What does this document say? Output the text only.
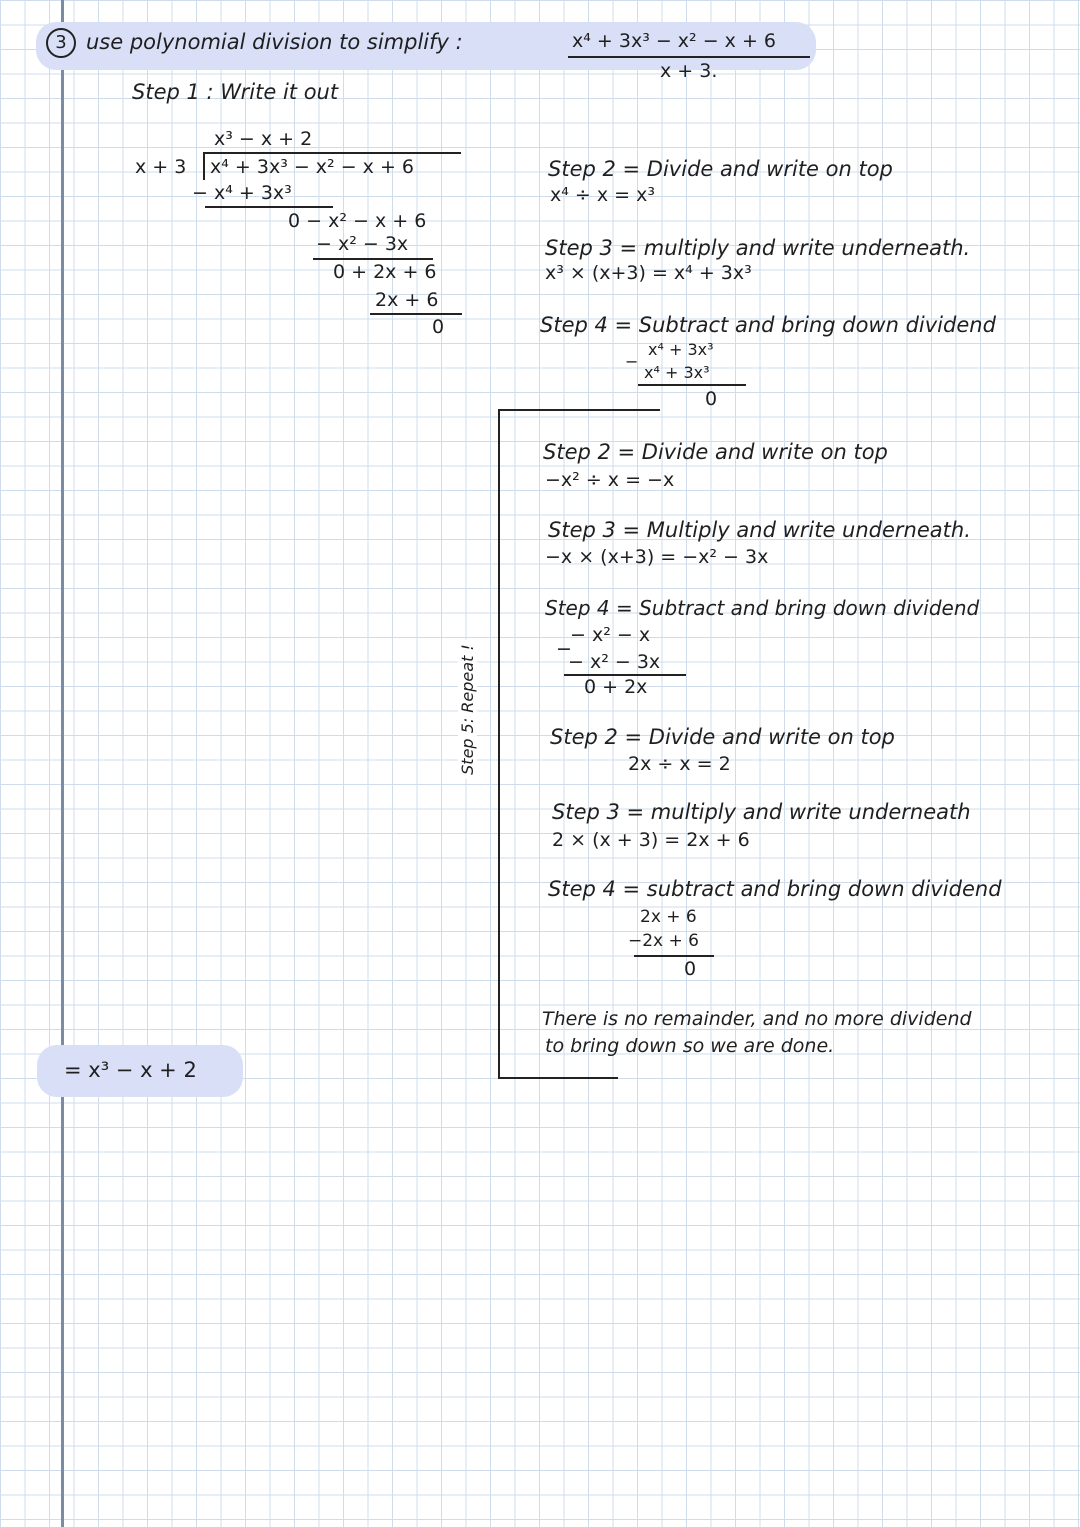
3 use polynomial division to simplify :	x⁴ + 3x³ − x² − x + 6
x + 3.
Step 1 : Write it out
x³ − x + 2
x + 3 x⁴ + 3x³ − x² − x + 6
− x⁴ + 3x³
0 − x² − x + 6
− x² − 3x
0 + 2x + 6
2x + 6
0
= x³ − x + 2
Step 5: Repeat !
Step 2 = Divide and write on top
x⁴ ÷ x = x³
Step 3 = multiply and write underneath.
x³ × (x+3) = x⁴ + 3x³
Step 4 = Subtract and bring down dividend
x⁴ + 3x³
−
x⁴ + 3x³
0
Step 2 = Divide and write on top
−x² ÷ x = −x
Step 3 = Multiply and write underneath.
−x × (x+3) = −x² − 3x
Step 4 = Subtract and bring down dividend
− x² − x
−
− x² − 3x
0 + 2x
Step 2 = Divide and write on top
2x ÷ x = 2
Step 3 = multiply and write underneath
2 × (x + 3) = 2x + 6
Step 4 = subtract and bring down dividend
2x + 6
−2x + 6
0
There is no remainder, and no more dividend
to bring down so we are done.
